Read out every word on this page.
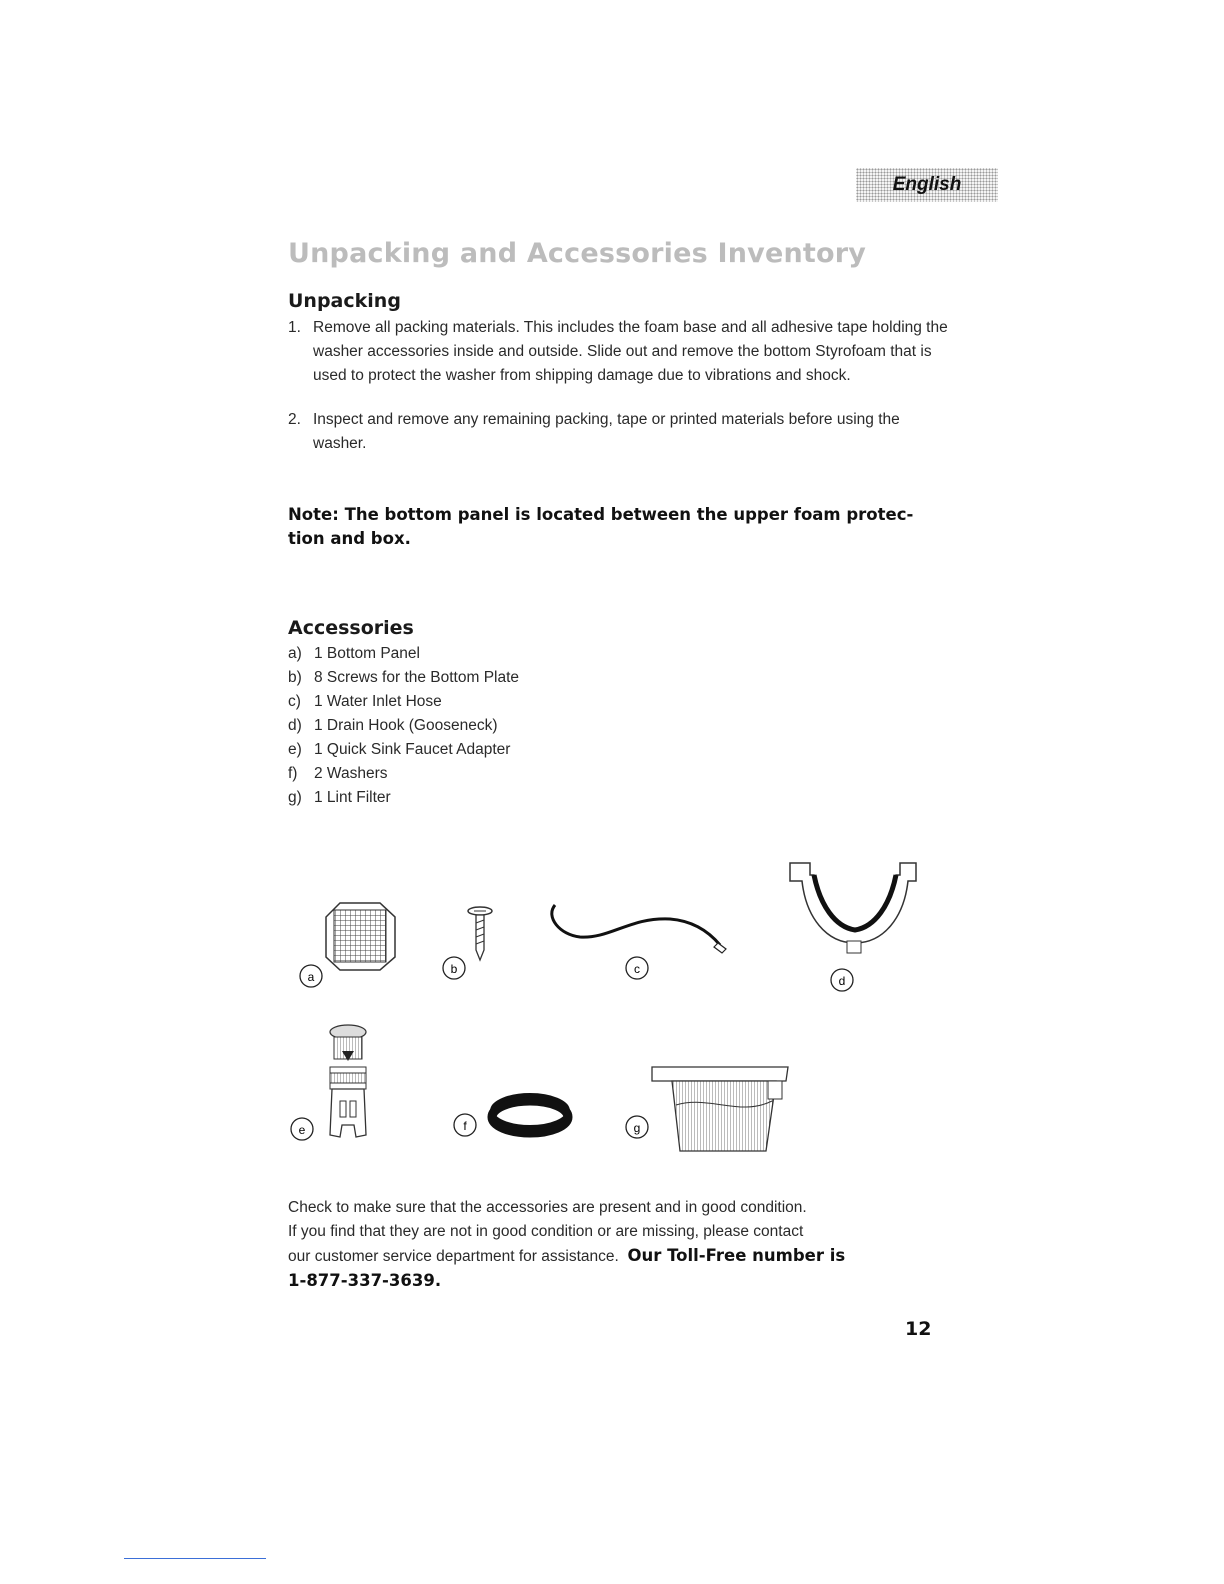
English
Unpacking and Accessories Inventory
Unpacking
1. Remove all packing materials. This includes the foam base and all adhesive tape holding the washer accessories inside and outside. Slide out and remove the bottom Styrofoam that is used to protect the washer from shipping damage due to vibrations and shock.
2. Inspect and remove any remaining packing, tape or printed materials before using the washer.

Note: The bottom panel is located between the upper foam protec- tion and box.

Accessories
a) 1 Bottom Panel
b) 8 Screws for the Bottom Plate
c) 1 Water Inlet Hose
d) 1 Drain Hook (Gooseneck)
e) 1 Quick Sink Faucet Adapter
f)	2 Washers
g) 1 Lint Filter
a
b	c
d
e	f	g

Check to make sure that the accessories are present and in good condition.
If you find that they are not in good condition or are missing, please contact
our customer service department for assistance. Our Toll-Free number is
1-877-337-3639.

12
